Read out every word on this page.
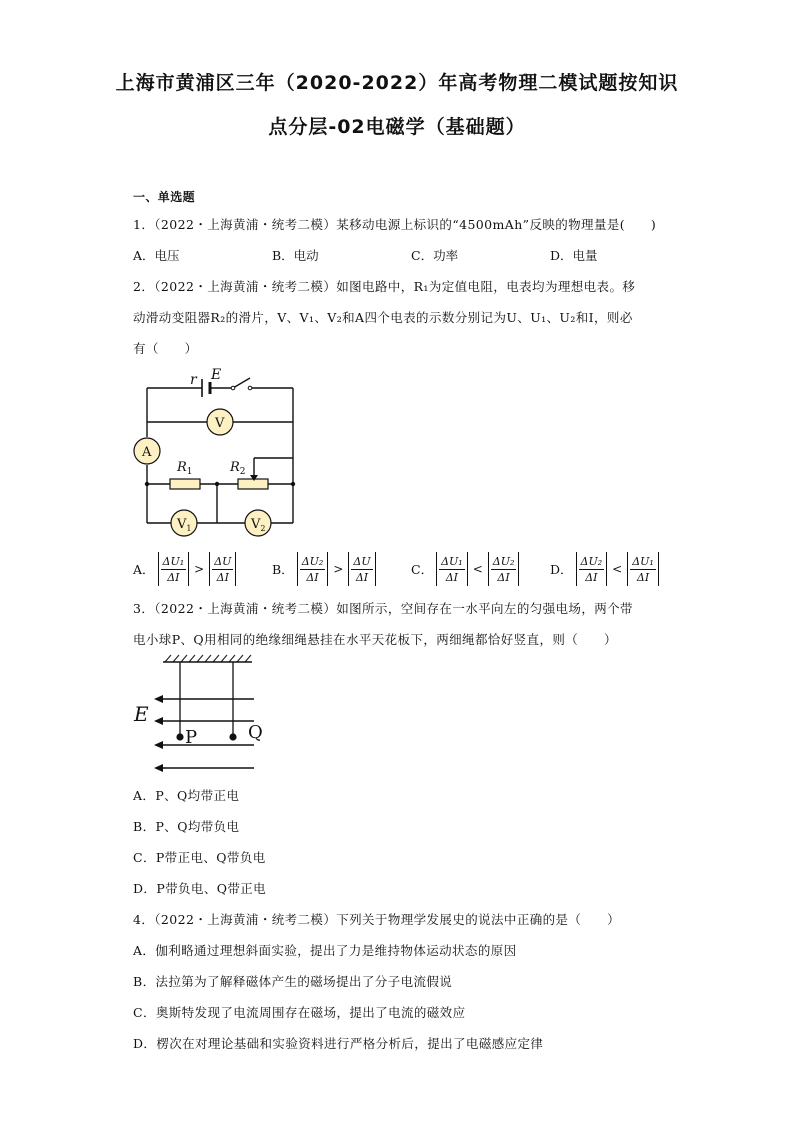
上海市黄浦区三年（2020-2022）年高考物理二模试题按知识
点分层-02电磁学（基础题）
一、单选题
1．（2022・上海黄浦・统考二模）某移动电源上标识的“4500mAh”反映的物理量是(　　)
A．电压	B．电动	C．功率	D．电量
2．（2022・上海黄浦・统考二模）如图电路中，R₁为定值电阻，电表均为理想电表。移
动滑动变阻器R₂的滑片，V、V₁、V₂和A四个电表的示数分别记为U、U₁、U₂和I，则必
有（　　）
r E
V
A
$R_1$	$R_2$
$V_1$	$V_2$
A． $\frac{\text{ΔU₁}}{\Delta I} > \frac{\Delta U}{\Delta I}$	B． $\frac{\text{ΔU₂}}{\Delta I} > \frac{\Delta U}{\Delta I}$	C． $\frac{\text{ΔU₁}}{\Delta I} < \frac{\text{ΔU₂}}{\Delta I}$	D． $\frac{\text{ΔU₂}}{\Delta I} < \frac{\text{ΔU₁}}{\Delta I}$
3．（2022・上海黄浦・统考二模）如图所示，空间存在一水平向左的匀强电场，两个带
电小球P、Q用相同的绝缘细绳悬挂在水平天花板下，两细绳都恰好竖直，则（　　）
E
P	Q
A．P、Q均带正电
B．P、Q均带负电
C．P带正电、Q带负电
D．P带负电、Q带正电
4．（2022・上海黄浦・统考二模）下列关于物理学发展史的说法中正确的是（　　）
A．伽利略通过理想斜面实验，提出了力是维持物体运动状态的原因
B．法拉第为了解释磁体产生的磁场提出了分子电流假说
C．奥斯特发现了电流周围存在磁场，提出了电流的磁效应
D．楞次在对理论基础和实验资料进行严格分析后，提出了电磁感应定律
